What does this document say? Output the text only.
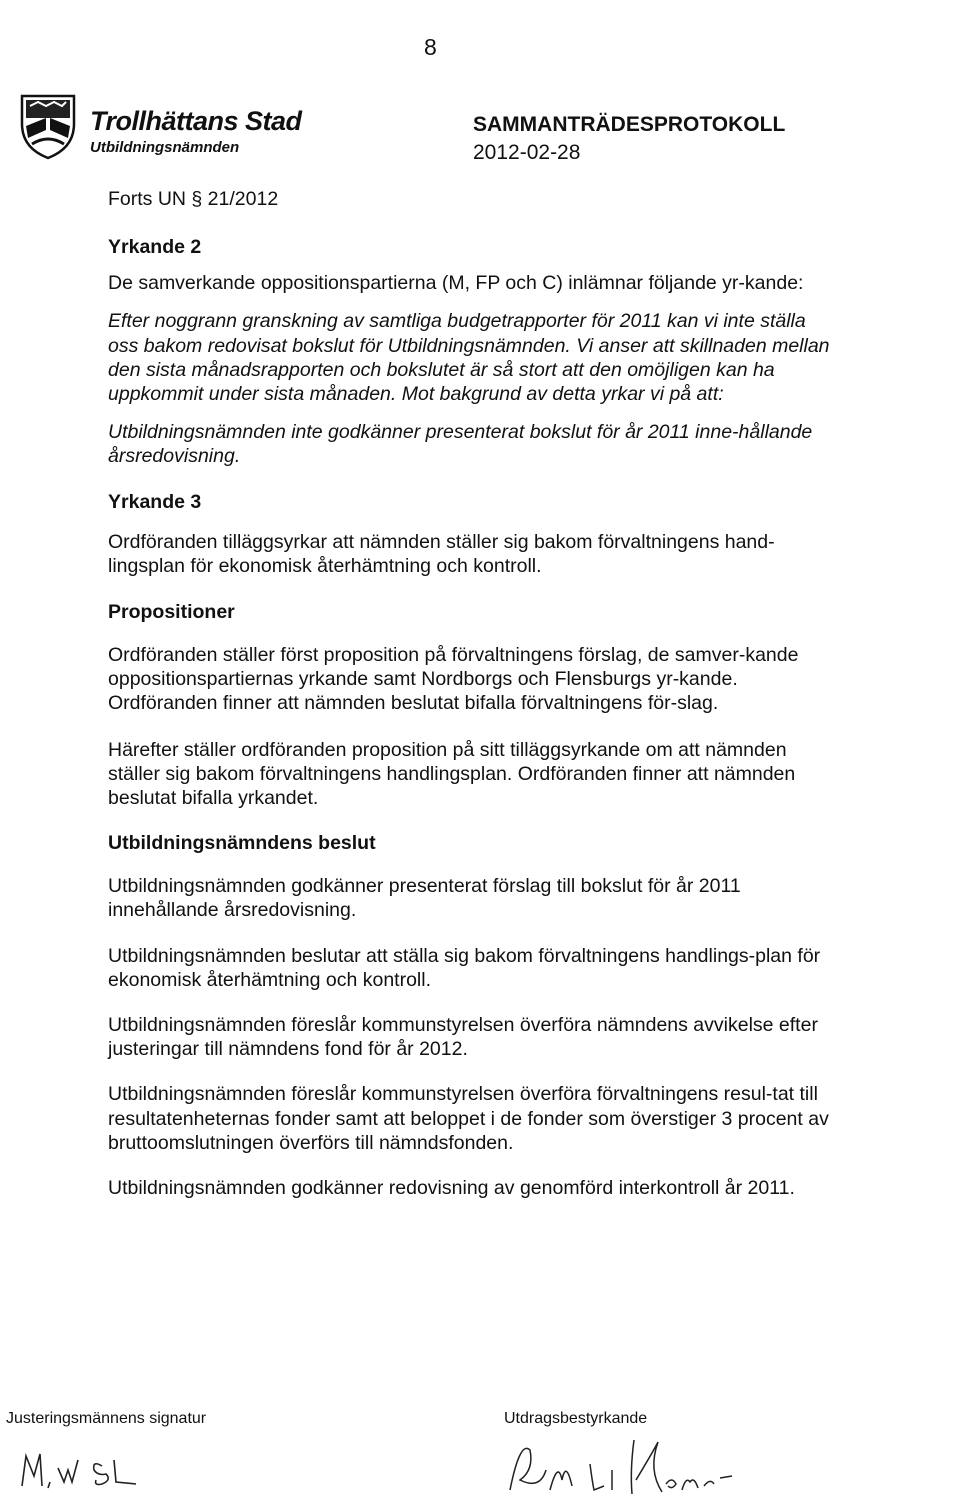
8
Trollhättans Stad
Utbildningsnämnden
SAMMANTRÄDESPROTOKOLL
2012-02-28

Forts UN § 21/2012

Yrkande 2

De samverkande oppositionspartierna (M, FP och C) inlämnar följande yr-kande:

Efter noggrann granskning av samtliga budgetrapporter för 2011 kan vi inte ställa oss bakom redovisat bokslut för Utbildningsnämnden. Vi anser att skillnaden mellan den sista månadsrapporten och bokslutet är så stort att den omöjligen kan ha uppkommit under sista månaden. Mot bakgrund av detta yrkar vi på att:

Utbildningsnämnden inte godkänner presenterat bokslut för år 2011 inne-hållande årsredovisning.

Yrkande 3

Ordföranden tilläggsyrkar att nämnden ställer sig bakom förvaltningens hand-lingsplan för ekonomisk återhämtning och kontroll.

Propositioner

Ordföranden ställer först proposition på förvaltningens förslag, de samver-kande oppositionspartiernas yrkande samt Nordborgs och Flensburgs yr-kande. Ordföranden finner att nämnden beslutat bifalla förvaltningens för-slag.

Härefter ställer ordföranden proposition på sitt tilläggsyrkande om att nämnden ställer sig bakom förvaltningens handlingsplan. Ordföranden finner att nämnden beslutat bifalla yrkandet.

Utbildningsnämndens beslut

Utbildningsnämnden godkänner presenterat förslag till bokslut för år 2011 innehållande årsredovisning.

Utbildningsnämnden beslutar att ställa sig bakom förvaltningens handlings-plan för ekonomisk återhämtning och kontroll.

Utbildningsnämnden föreslår kommunstyrelsen överföra nämndens avvikelse efter justeringar till nämndens fond för år 2012.

Utbildningsnämnden föreslår kommunstyrelsen överföra förvaltningens resul-tat till resultatenheternas fonder samt att beloppet i de fonder som överstiger 3 procent av bruttoomslutningen överförs till nämndsfonden.

Utbildningsnämnden godkänner redovisning av genomförd interkontroll år 2011.

Justeringsmännens signatur	Utdragsbestyrkande
